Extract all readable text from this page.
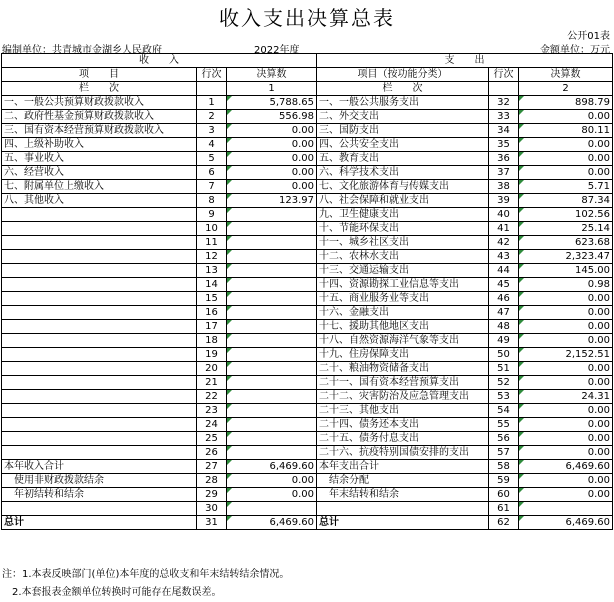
收入支出决算总表
公开01表
编制单位：共青城市金湖乡人民政府	2022年度	金额单位：万元
收　　入			支　　出		
项　　目	行次	决算数	项目（按功能分类）	行次	决算数
栏　　次		1	栏　　次		2
一、一般公共预算财政拨款收入	1	5,788.65	一、一般公共服务支出	32	898.79
二、政府性基金预算财政拨款收入	2	556.98	二、外交支出	33	0.00
三、国有资本经营预算财政拨款收入	3	0.00	三、国防支出	34	80.11
四、上级补助收入	4	0.00	四、公共安全支出	35	0.00
五、事业收入	5	0.00	五、教育支出	36	0.00
六、经营收入	6	0.00	六、科学技术支出	37	0.00
七、附属单位上缴收入	7	0.00	七、文化旅游体育与传媒支出	38	5.71
八、其他收入	8	123.97	八、社会保障和就业支出	39	87.34
	9		九、卫生健康支出	40	102.56
	10		十、节能环保支出	41	25.14
	11		十一、城乡社区支出	42	623.68
	12		十二、农林水支出	43	2,323.47
	13		十三、交通运输支出	44	145.00
	14		十四、资源勘探工业信息等支出	45	0.98
	15		十五、商业服务业等支出	46	0.00
	16		十六、金融支出	47	0.00
	17		十七、援助其他地区支出	48	0.00
	18		十八、自然资源海洋气象等支出	49	0.00
	19		十九、住房保障支出	50	2,152.51
	20		二十、粮油物资储备支出	51	0.00
	21		二十一、国有资本经营预算支出	52	0.00
	22		二十二、灾害防治及应急管理支出	53	24.31
	23		二十三、其他支出	54	0.00
	24		二十四、债务还本支出	55	0.00
	25		二十五、债务付息支出	56	0.00
	26		二十六、抗疫特别国债安排的支出	57	0.00
本年收入合计	27	6,469.60	本年支出合计	58	6,469.60
　使用非财政拨款结余	28	0.00	　结余分配	59	0.00
　年初结转和结余	29	0.00	　年末结转和结余	60	0.00
	30			61	
总计	31	6,469.60	总计	62	6,469.60
注：1.本表反映部门(单位)本年度的总收支和年末结转结余情况。
2.本套报表金额单位转换时可能存在尾数误差。
